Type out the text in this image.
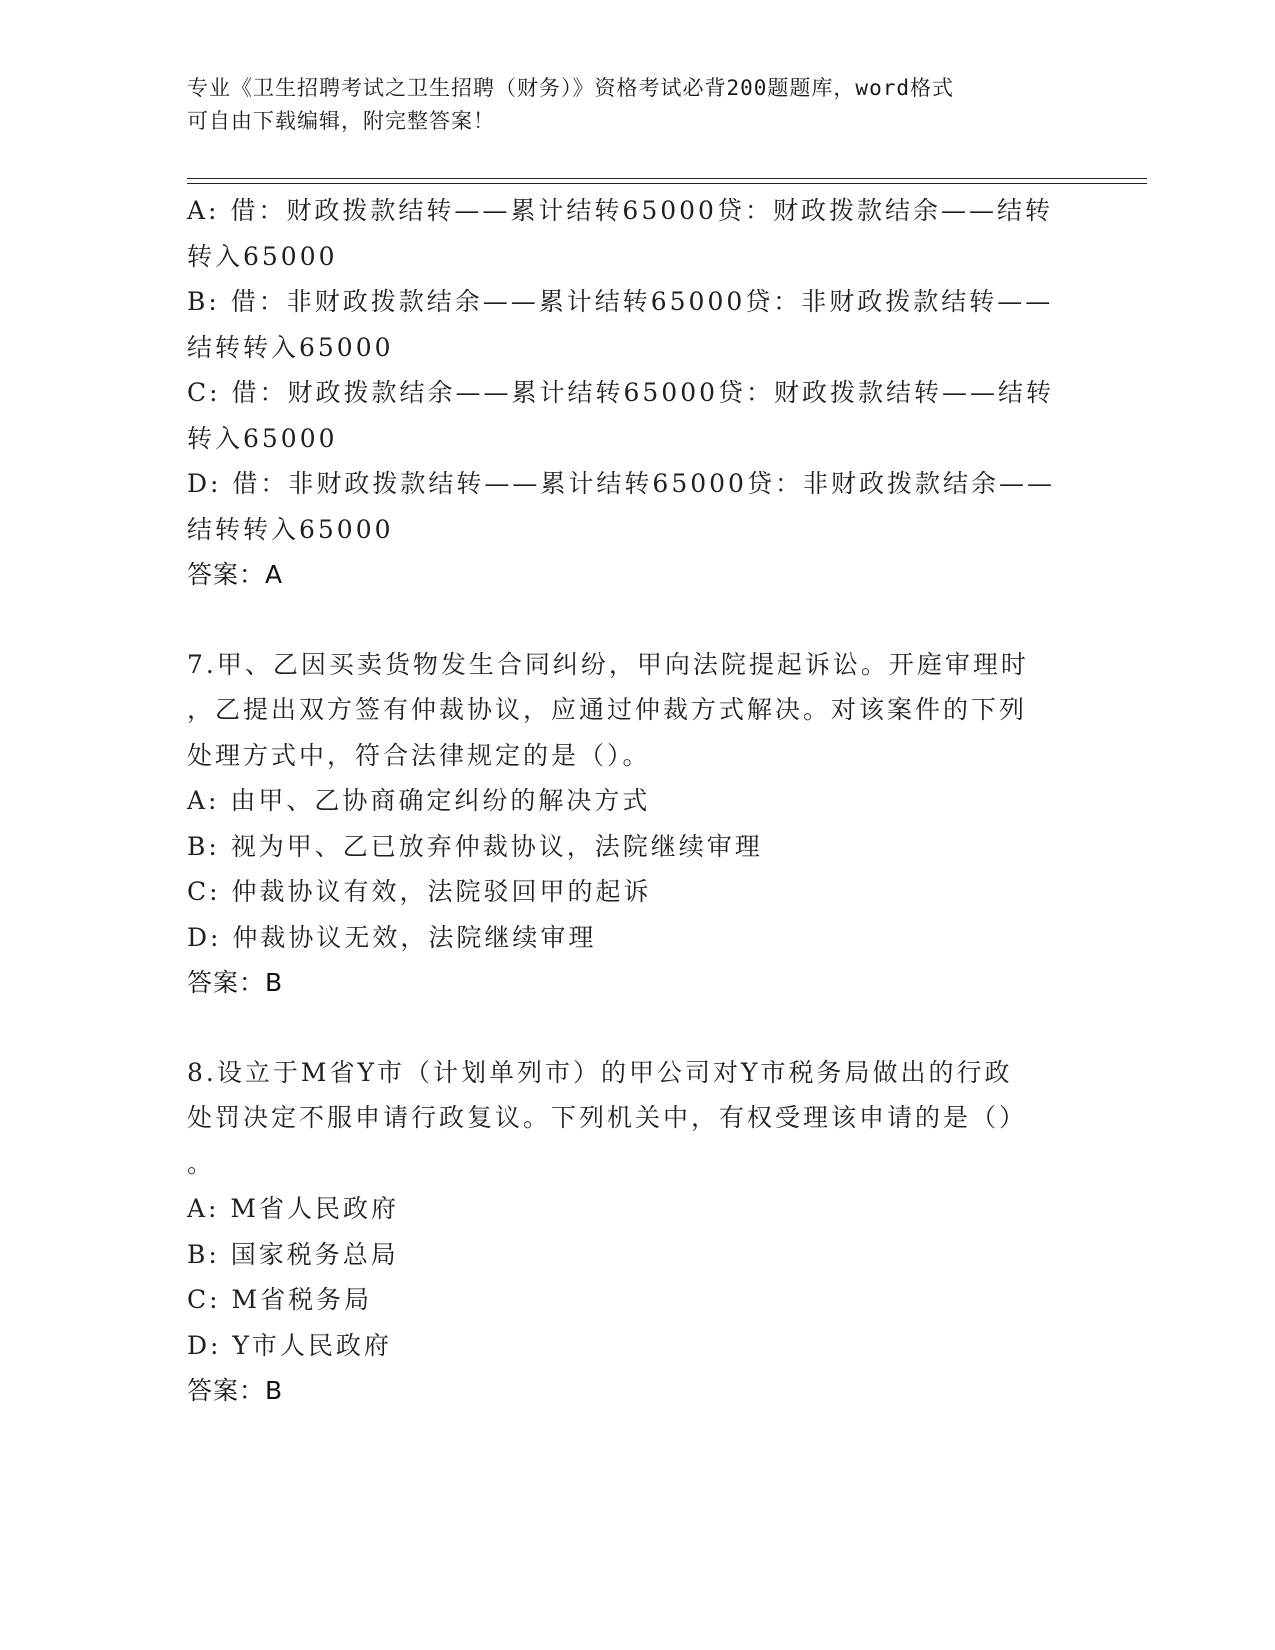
专业《卫生招聘考试之卫生招聘（财务）》资格考试必背200题题库，word格式
可自由下载编辑，附完整答案！
A: 借：财政拨款结转——累计结转65000贷：财政拨款结余——结转
转入65000
B: 借：非财政拨款结余——累计结转65000贷：非财政拨款结转——
结转转入65000
C: 借：财政拨款结余——累计结转65000贷：财政拨款结转——结转
转入65000
D: 借：非财政拨款结转——累计结转65000贷：非财政拨款结余——
结转转入65000
答案：A
7.甲、乙因买卖货物发生合同纠纷，甲向法院提起诉讼。开庭审理时
，乙提出双方签有仲裁协议，应通过仲裁方式解决。对该案件的下列
处理方式中，符合法律规定的是（）。
A: 由甲、乙协商确定纠纷的解决方式
B: 视为甲、乙已放弃仲裁协议，法院继续审理
C: 仲裁协议有效，法院驳回甲的起诉
D: 仲裁协议无效，法院继续审理
答案：B
8.设立于M省Y市（计划单列市）的甲公司对Y市税务局做出的行政
处罚决定不服申请行政复议。下列机关中，有权受理该申请的是（）
。
A: M省人民政府
B: 国家税务总局
C: M省税务局
D: Y市人民政府
答案：B
